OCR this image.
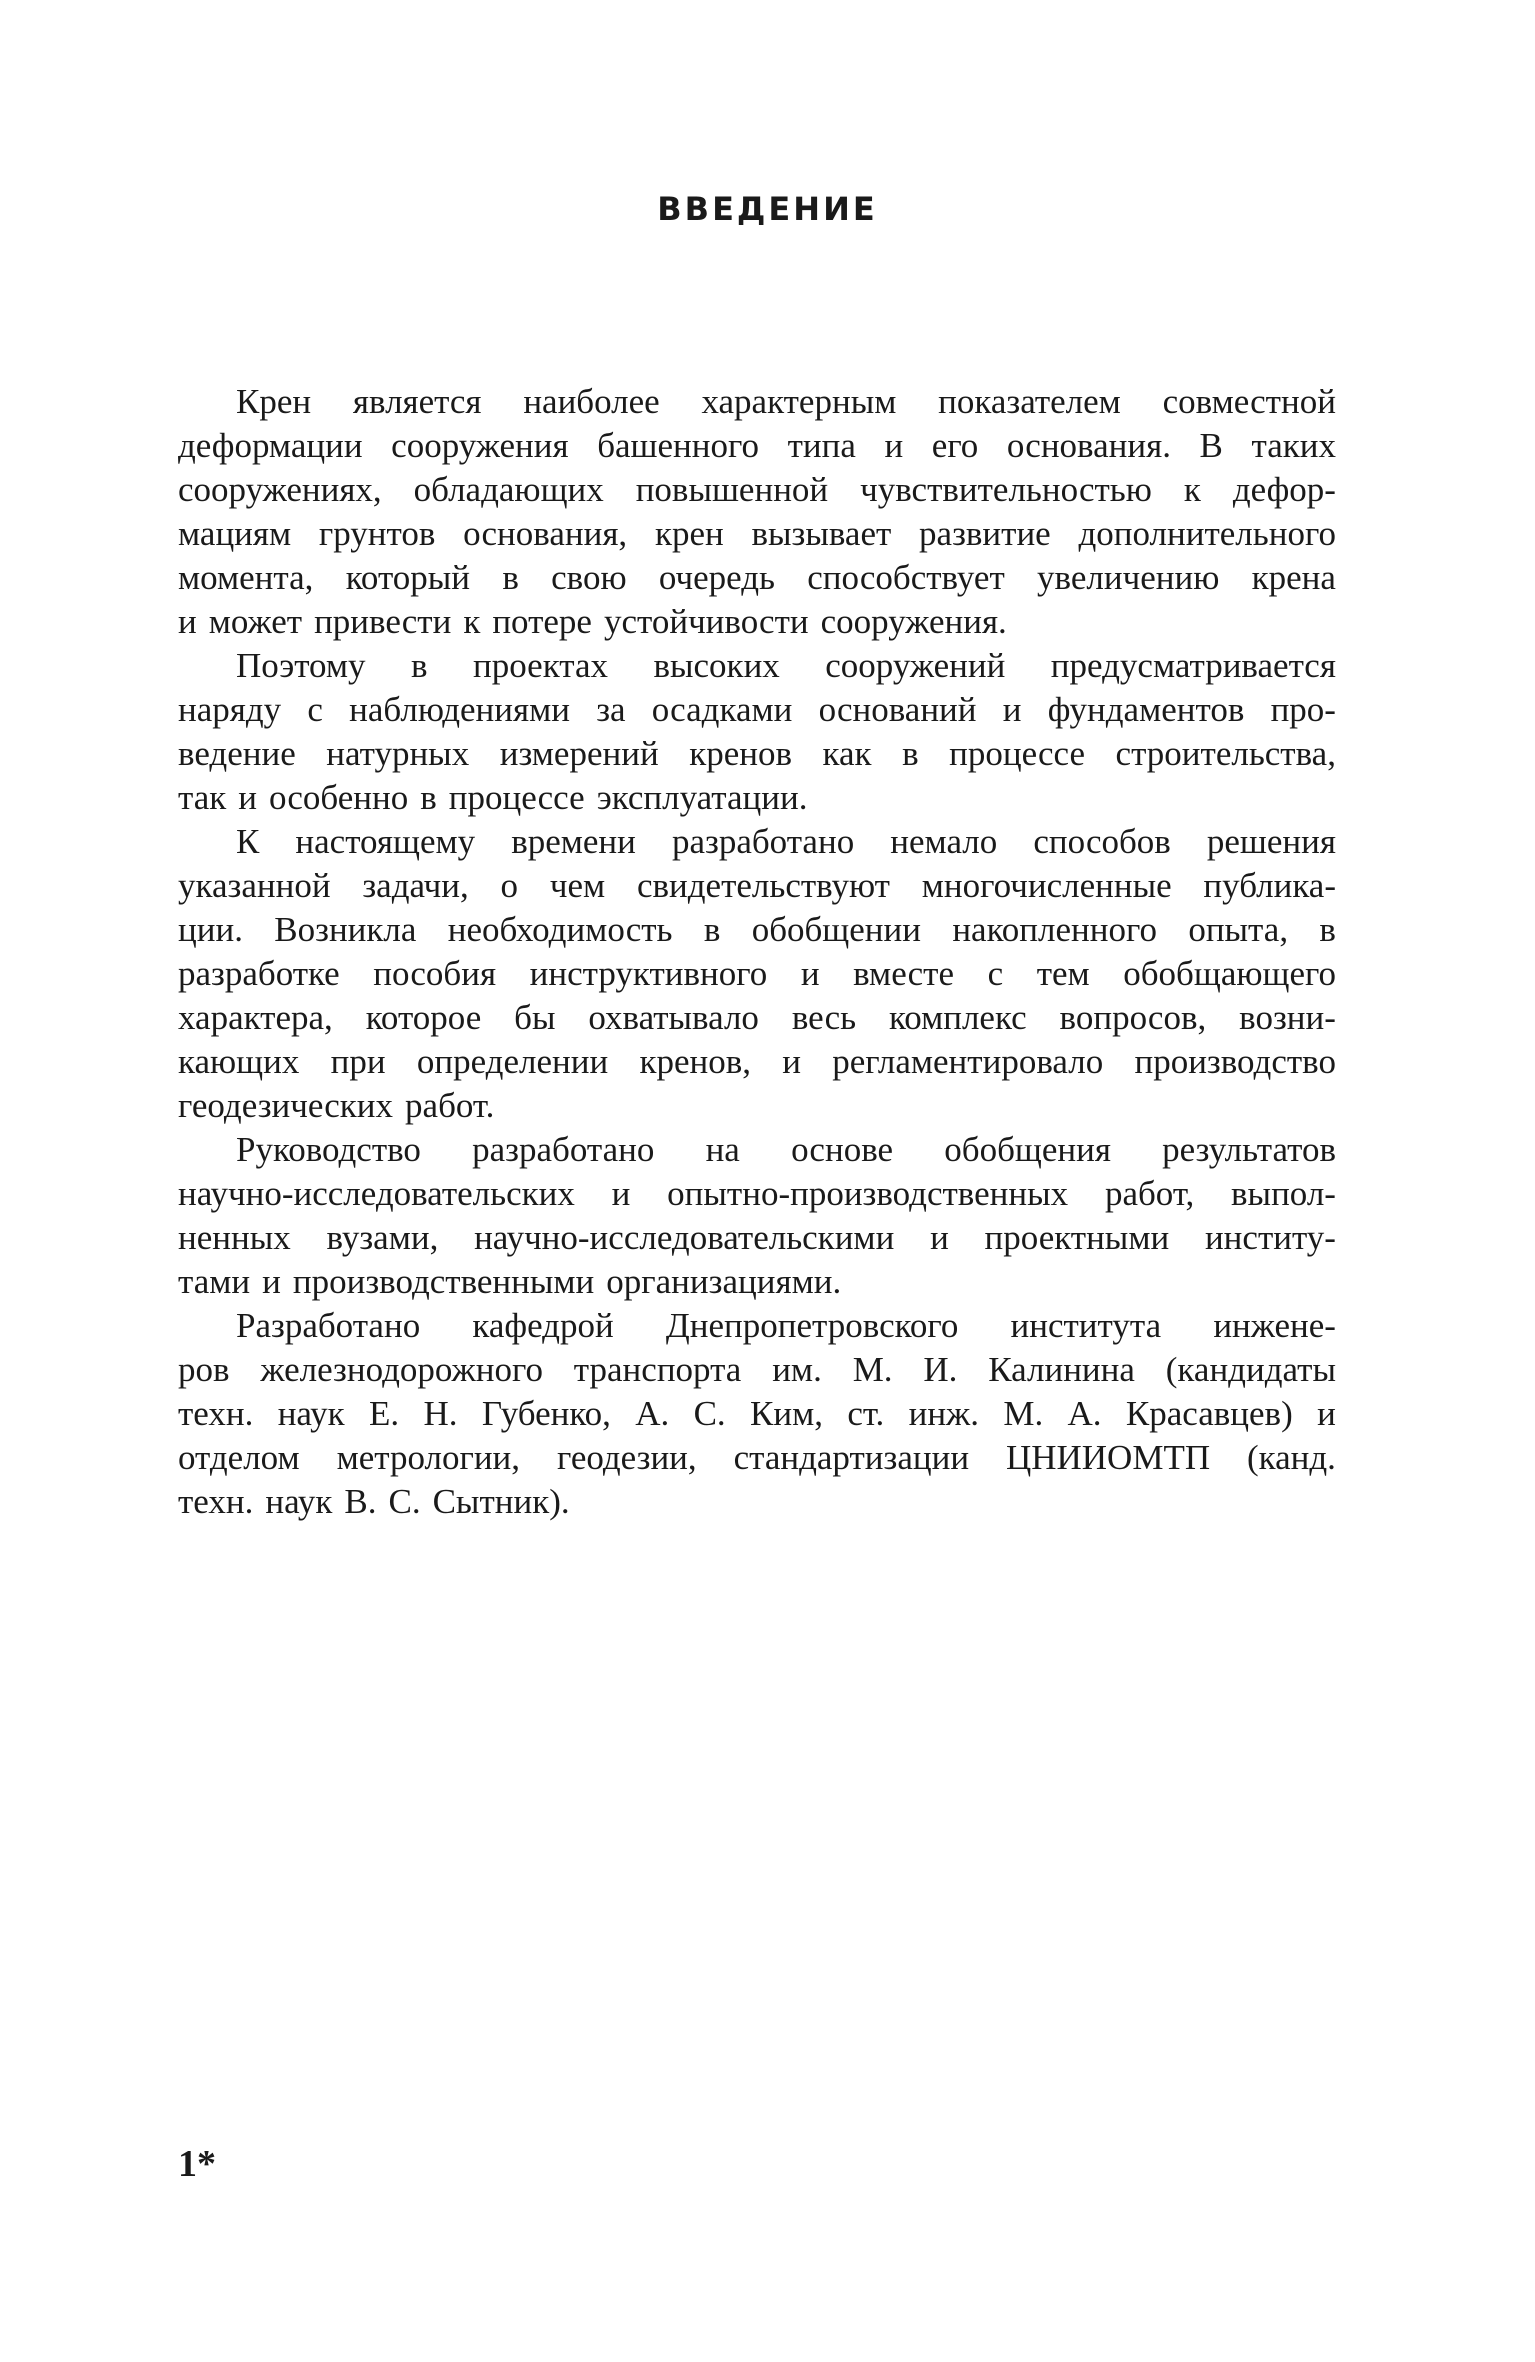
ВВЕДЕНИЕ
Крен является наиболее характерным показателем совместной
деформации сооружения башенного типа и его основания. В таких
сооружениях, обладающих повышенной чувствительностью к дефор-
мациям грунтов основания, крен вызывает развитие дополнительного
момента, который в свою очередь способствует увеличению крена
и может привести к потере устойчивости сооружения.
Поэтому в проектах высоких сооружений предусматривается
наряду с наблюдениями за осадками оснований и фундаментов про-
ведение натурных измерений кренов как в процессе строительства,
так и особенно в процессе эксплуатации.
К настоящему времени разработано немало способов решения
указанной задачи, о чем свидетельствуют многочисленные публика-
ции. Возникла необходимость в обобщении накопленного опыта, в
разработке пособия инструктивного и вместе с тем обобщающего
характера, которое бы охватывало весь комплекс вопросов, возни-
кающих при определении кренов, и регламентировало производство
геодезических работ.
Руководство разработано на основе обобщения результатов
научно-исследовательских и опытно-производственных работ, выпол-
ненных вузами, научно-исследовательскими и проектными институ-
тами и производственными организациями.
Разработано кафедрой Днепропетровского института инжене-
ров железнодорожного транспорта им. М. И. Калинина (кандидаты
техн. наук Е. Н. Губенко, А. С. Ким, ст. инж. М. А. Красавцев) и
отделом метрологии, геодезии, стандартизации ЦНИИОМТП (канд.
техн. наук В. С. Сытник).
1*
